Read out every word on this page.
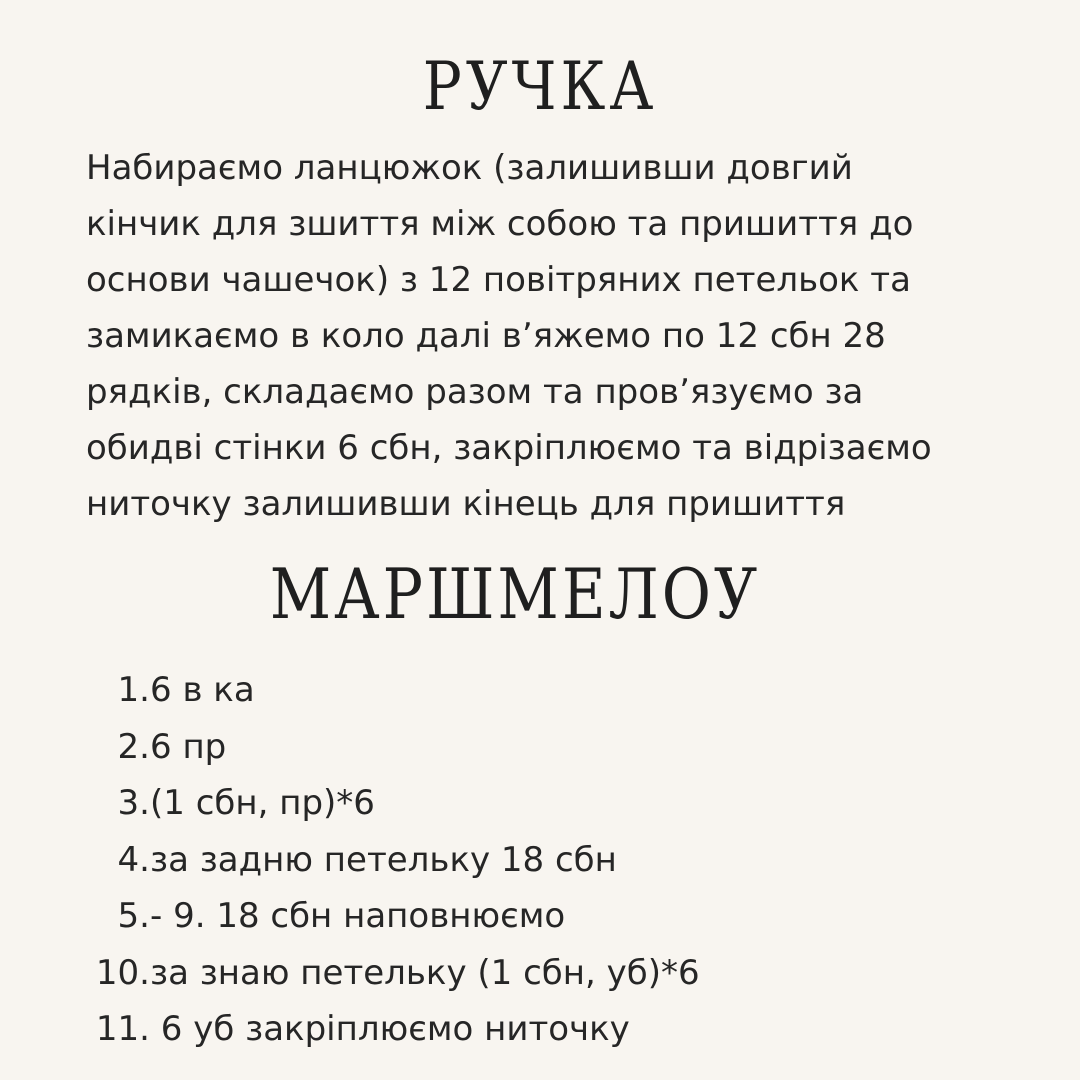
РУЧКА

Набираємо ланцюжок (залишивши довгий
кінчик для зшиття між собою та пришиття до
основи чашечок) з 12 повітряних петельок та
замикаємо в коло далі в’яжемо по 12 сбн 28
рядків, складаємо разом та пров’язуємо за
обидві стінки 6 сбн, закріплюємо та відрізаємо
ниточку залишивши кінець для пришиття

МАРШМЕЛОУ
1.6 в ка
2.6 пр
3.(1 сбн, пр)*6
4.за задню петельку 18 сбн
5.- 9. 18 сбн наповнюємо
10.за знаю петельку (1 сбн, уб)*6
11. 6 уб закріплюємо ниточку
